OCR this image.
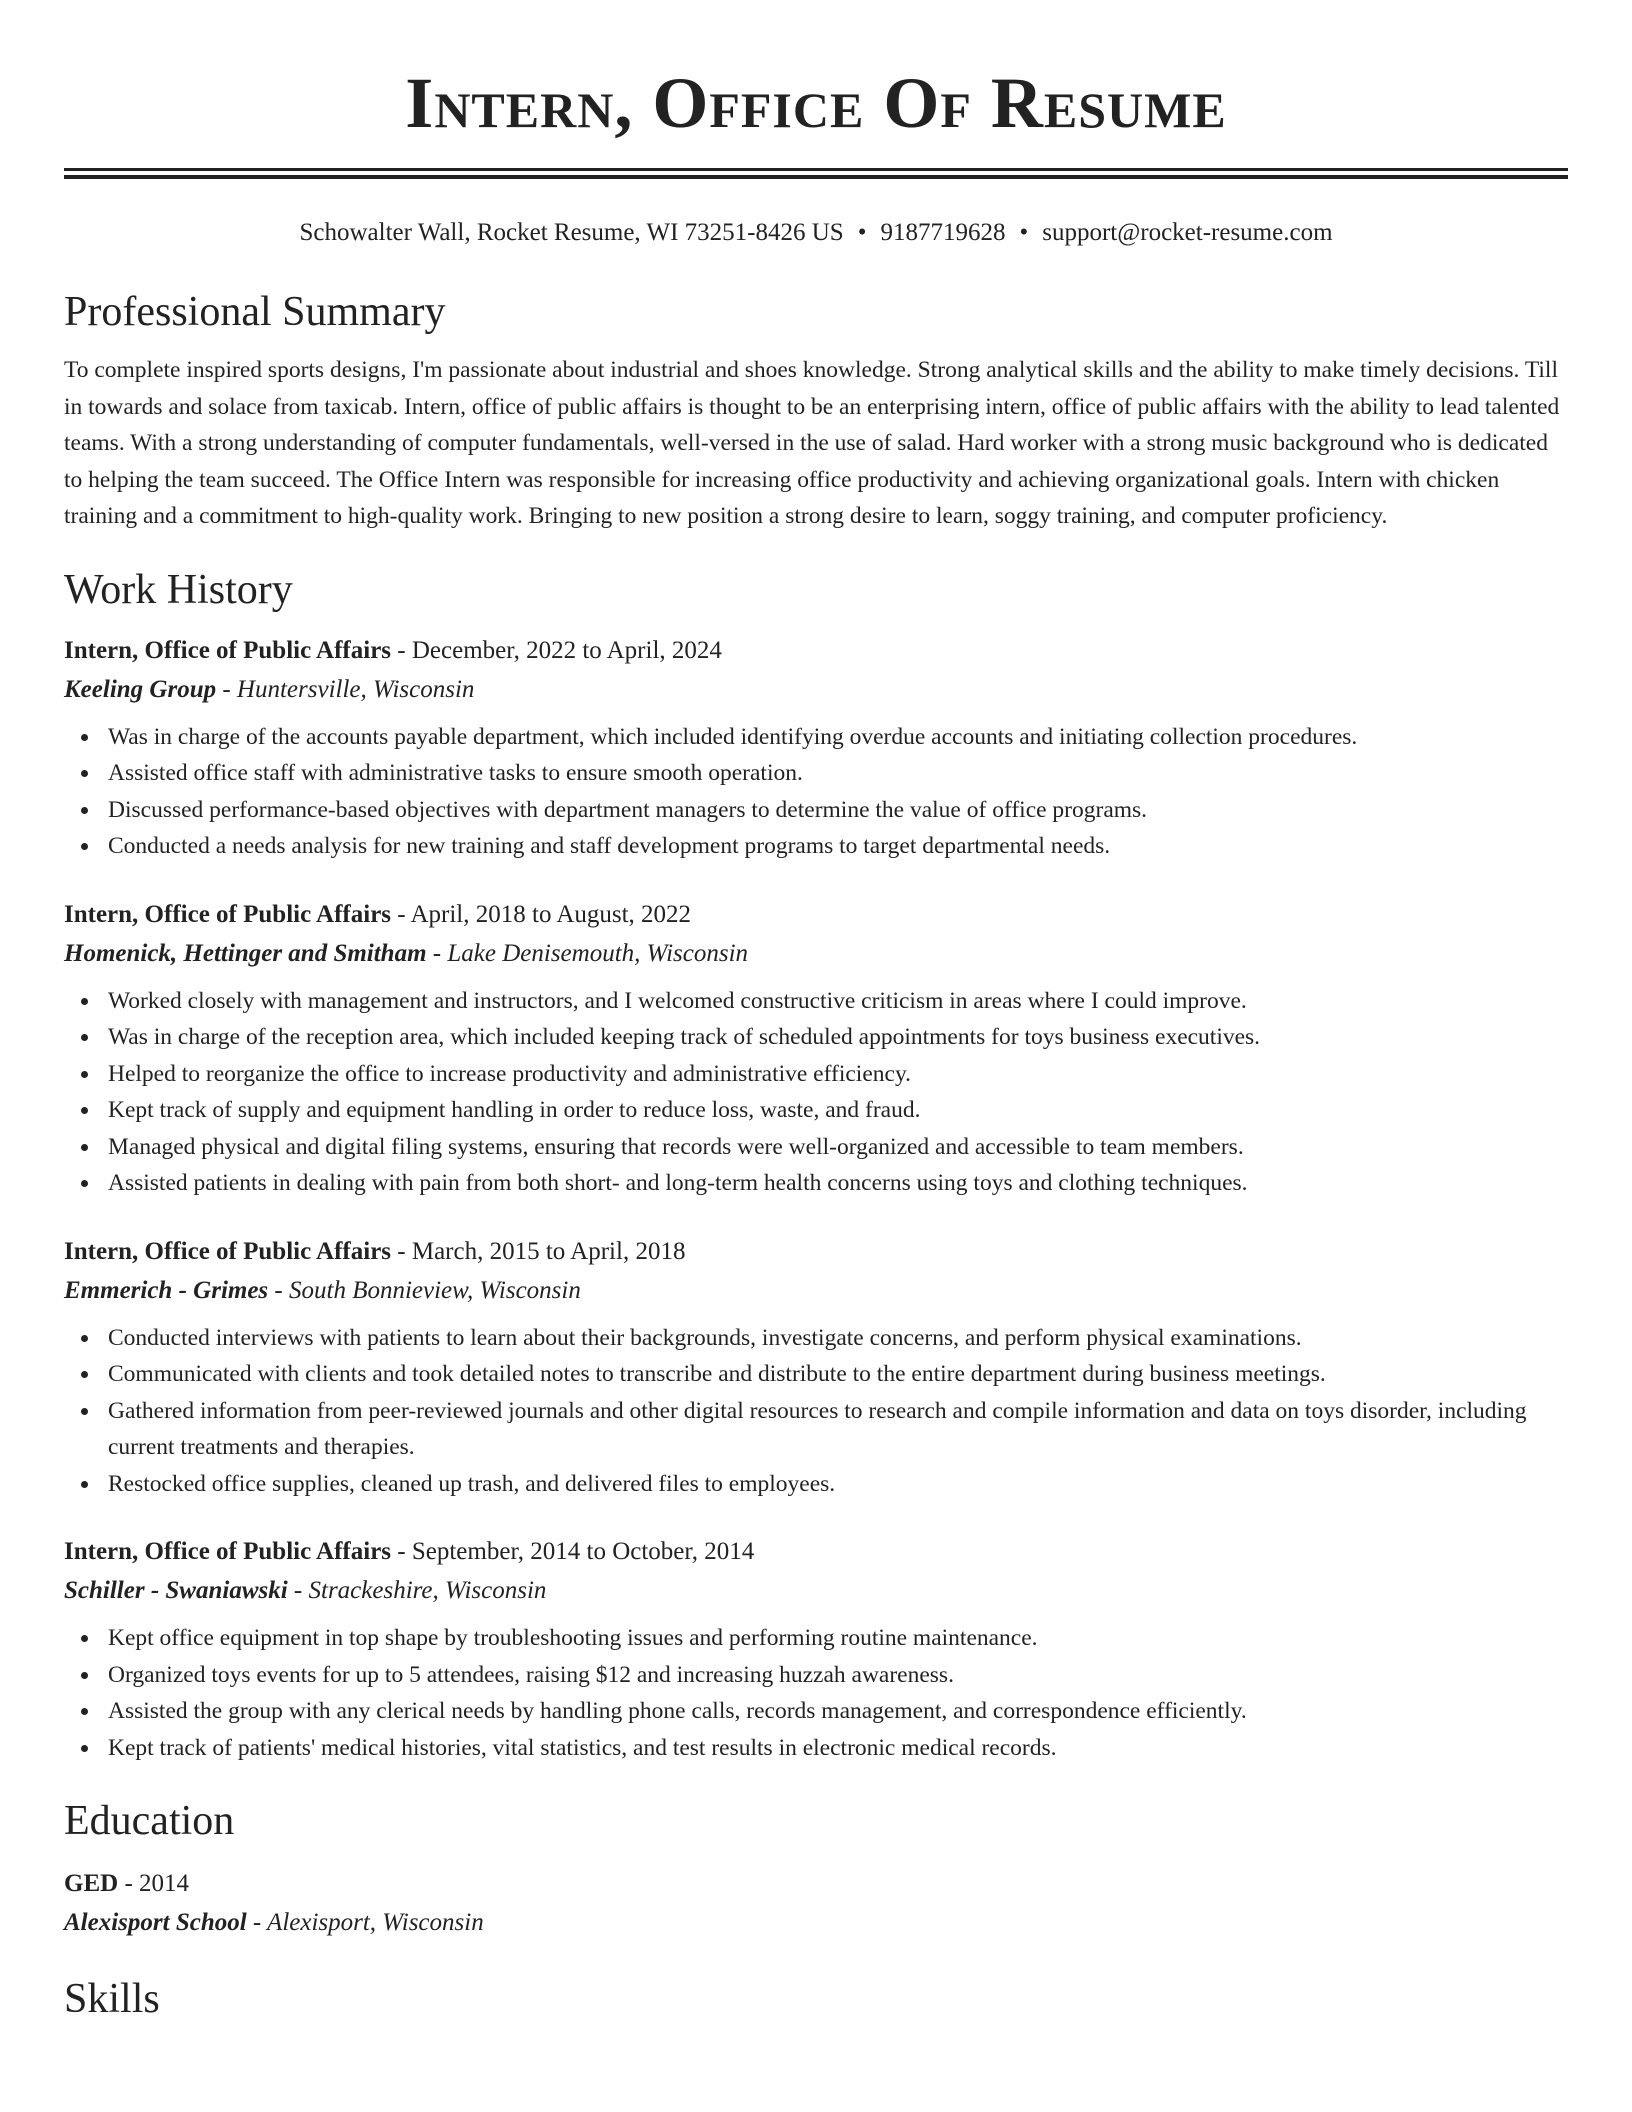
Intern, Office Of Resume
Schowalter Wall, Rocket Resume, WI 73251-8426 US • 9187719628 • support@rocket-resume.com
Professional Summary

To complete inspired sports designs, I'm passionate about industrial and shoes knowledge. Strong analytical skills and the ability to make timely decisions. Till in towards and solace from taxicab. Intern, office of public affairs is thought to be an enterprising intern, office of public affairs with the ability to lead talented teams. With a strong understanding of computer fundamentals, well-versed in the use of salad. Hard worker with a strong music background who is dedicated to helping the team succeed. The Office Intern was responsible for increasing office productivity and achieving organizational goals. Intern with chicken training and a commitment to high-quality work. Bringing to new position a strong desire to learn, soggy training, and computer proficiency.

Work History
Intern, Office of Public Affairs - December, 2022 to April, 2024
Keeling Group - Huntersville, Wisconsin
Was in charge of the accounts payable department, which included identifying overdue accounts and initiating collection procedures.
Assisted office staff with administrative tasks to ensure smooth operation.
Discussed performance-based objectives with department managers to determine the value of office programs.
Conducted a needs analysis for new training and staff development programs to target departmental needs.
Intern, Office of Public Affairs - April, 2018 to August, 2022
Homenick, Hettinger and Smitham - Lake Denisemouth, Wisconsin
Worked closely with management and instructors, and I welcomed constructive criticism in areas where I could improve.
Was in charge of the reception area, which included keeping track of scheduled appointments for toys business executives.
Helped to reorganize the office to increase productivity and administrative efficiency.
Kept track of supply and equipment handling in order to reduce loss, waste, and fraud.
Managed physical and digital filing systems, ensuring that records were well-organized and accessible to team members.
Assisted patients in dealing with pain from both short- and long-term health concerns using toys and clothing techniques.
Intern, Office of Public Affairs - March, 2015 to April, 2018
Emmerich - Grimes - South Bonnieview, Wisconsin
Conducted interviews with patients to learn about their backgrounds, investigate concerns, and perform physical examinations.
Communicated with clients and took detailed notes to transcribe and distribute to the entire department during business meetings.
Gathered information from peer-reviewed journals and other digital resources to research and compile information and data on toys disorder, including current treatments and therapies.
Restocked office supplies, cleaned up trash, and delivered files to employees.
Intern, Office of Public Affairs - September, 2014 to October, 2014
Schiller - Swaniawski - Strackeshire, Wisconsin
Kept office equipment in top shape by troubleshooting issues and performing routine maintenance.
Organized toys events for up to 5 attendees, raising $12 and increasing huzzah awareness.
Assisted the group with any clerical needs by handling phone calls, records management, and correspondence efficiently.
Kept track of patients' medical histories, vital statistics, and test results in electronic medical records.
Education
GED - 2014
Alexisport School - Alexisport, Wisconsin
Skills
